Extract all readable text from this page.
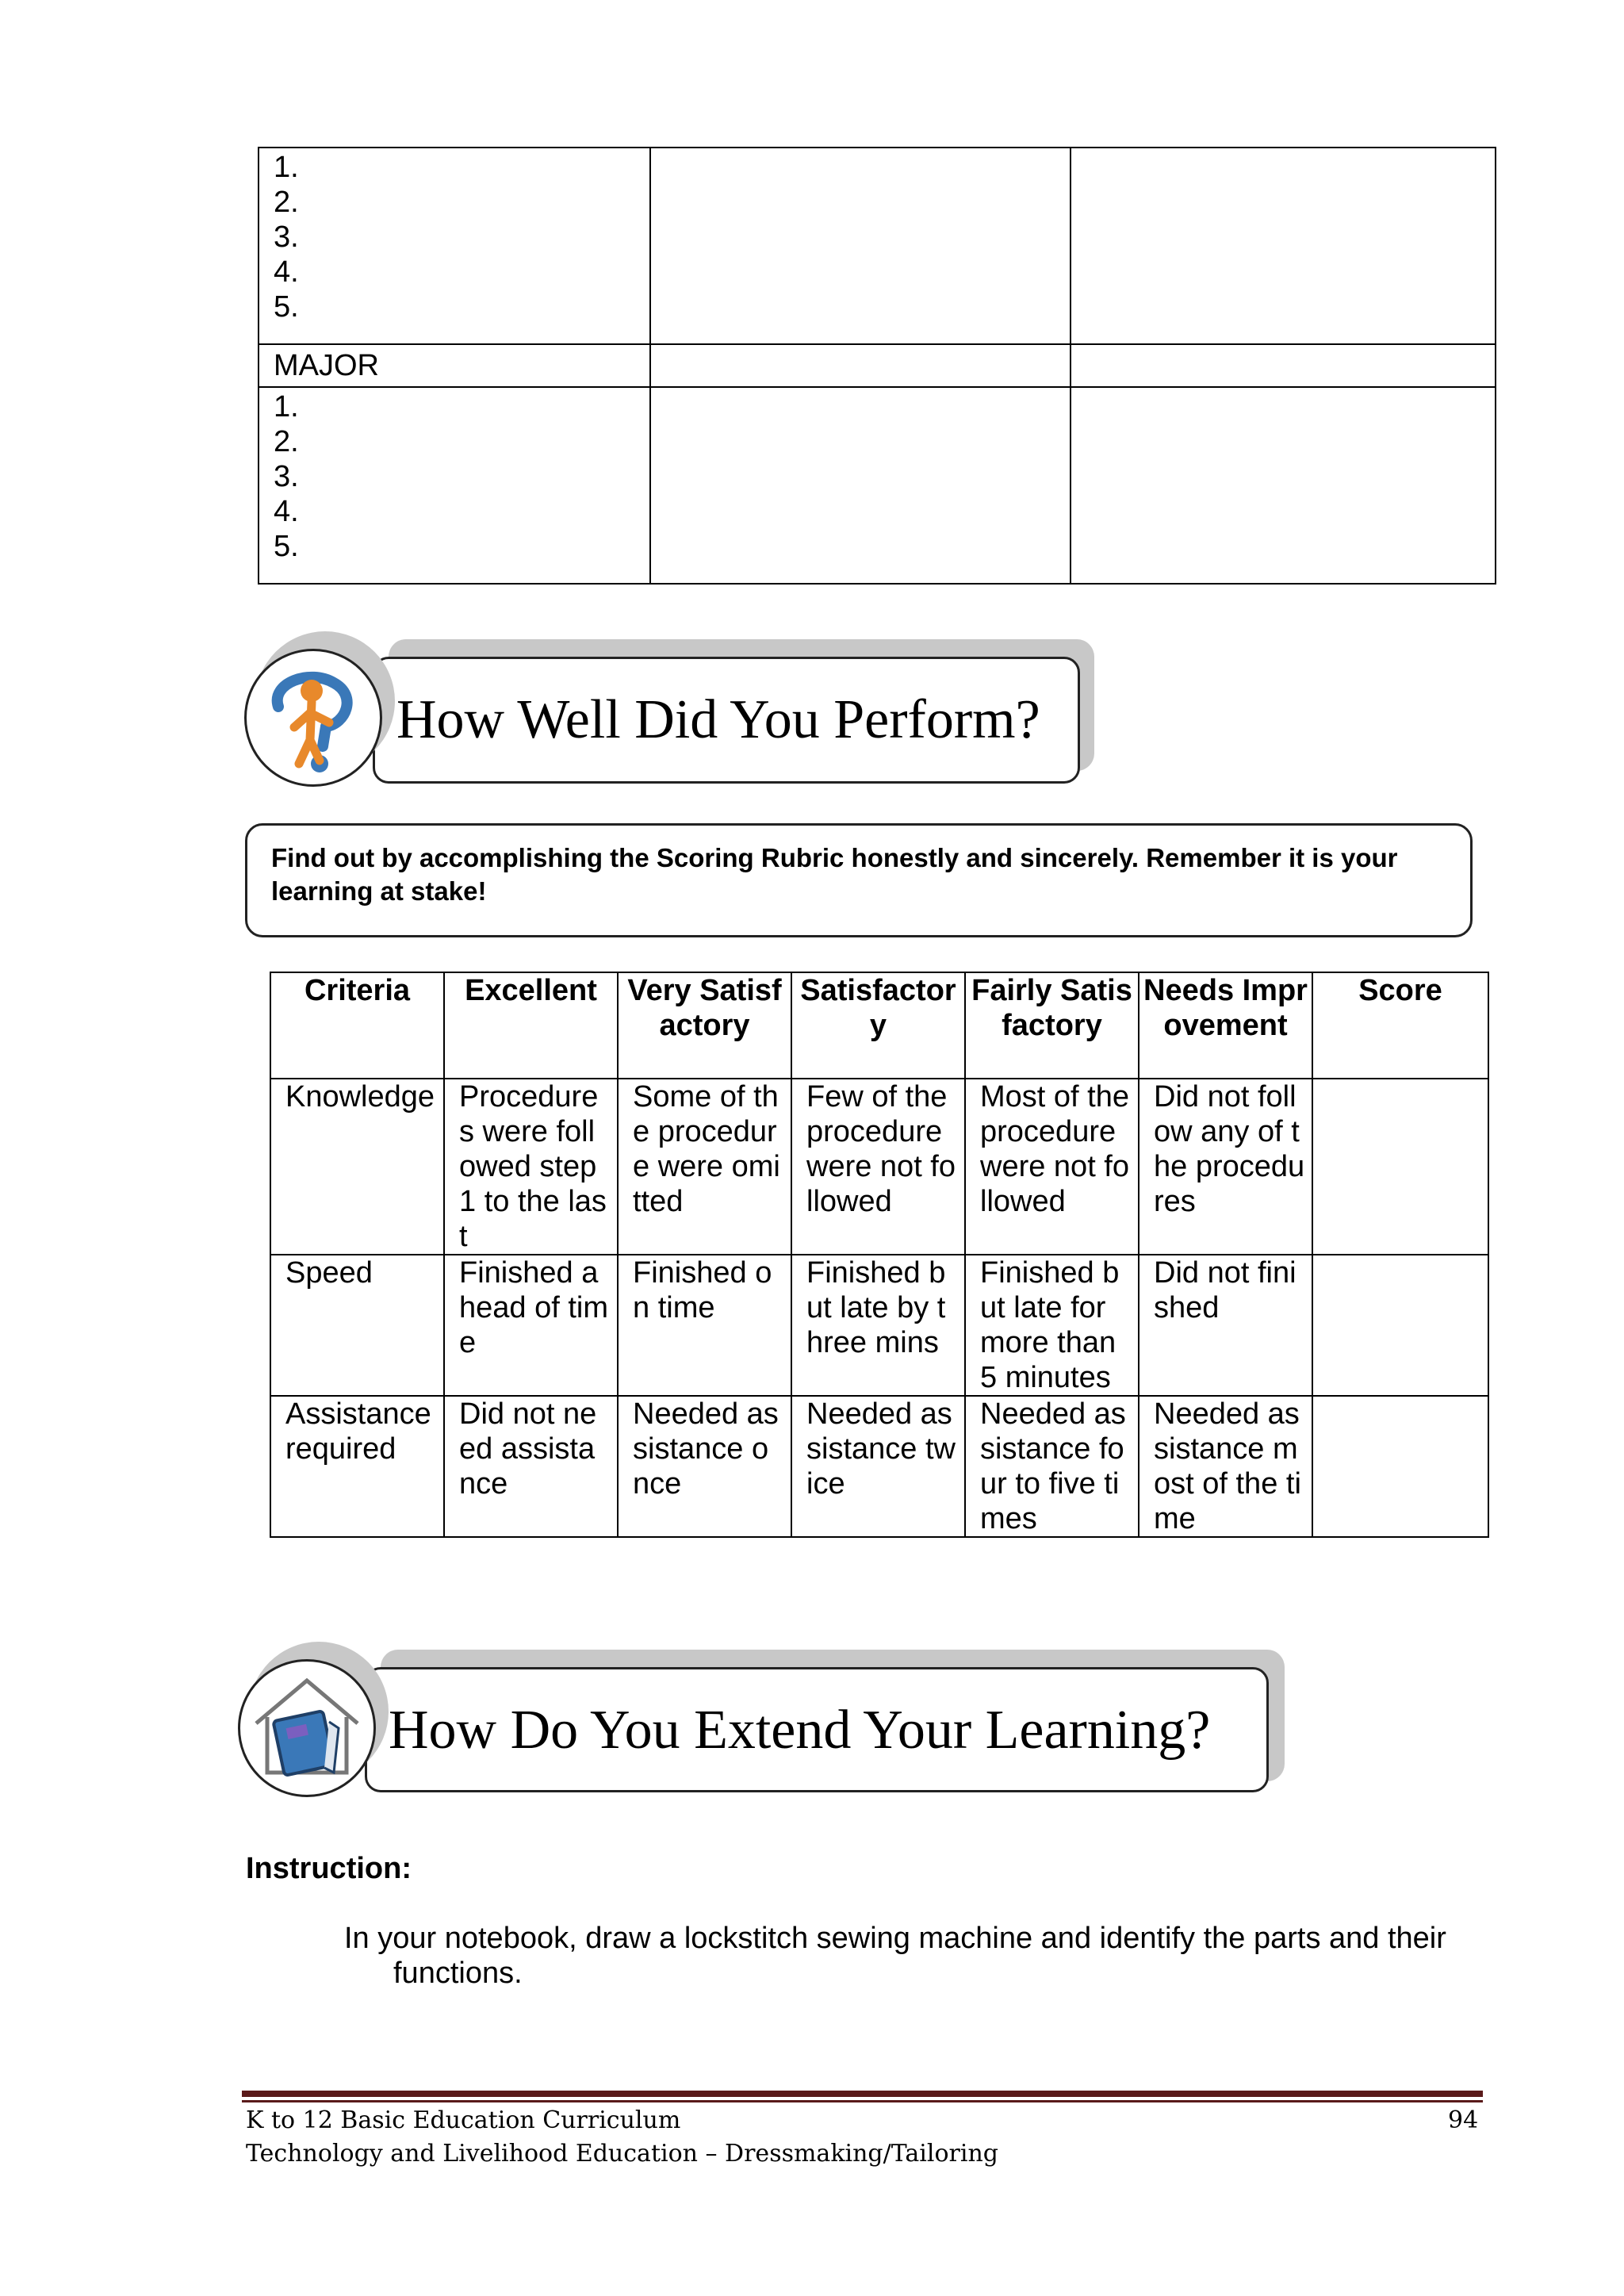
1.
2.
3.
4.
5.		

MAJOR		

1.
2.
3.
4.
5.		

How Well Did You Perform?
Find out by accomplishing the Scoring Rubric honestly and sincerely. Remember it is your learning at stake!
Criteria	Excellent	Very Satisfactory	Satisfactory	Fairly Satisfactory	Needs Improvement	Score
Knowledge	Procedures were followed step 1 to the last	Some of the procedure were omitted	Few of the procedure were not followed	Most of the procedure were not followed	Did not follow any of the procedures	
Speed	Finished ahead of time	Finished on time	Finished but late by three mins	Finished but late for more than 5 minutes	Did not finished	
Assistance required	Did not need assistance	Needed assistance once	Needed assistance twice	Needed assistance four to five times	Needed assistance most of the time	
How Do You Extend Your Learning?
Instruction:
In your notebook, draw a lockstitch sewing machine and identify the parts and their
functions.
K to 12 Basic Education Curriculum
Technology and Livelihood Education – Dressmaking/Tailoring
94
